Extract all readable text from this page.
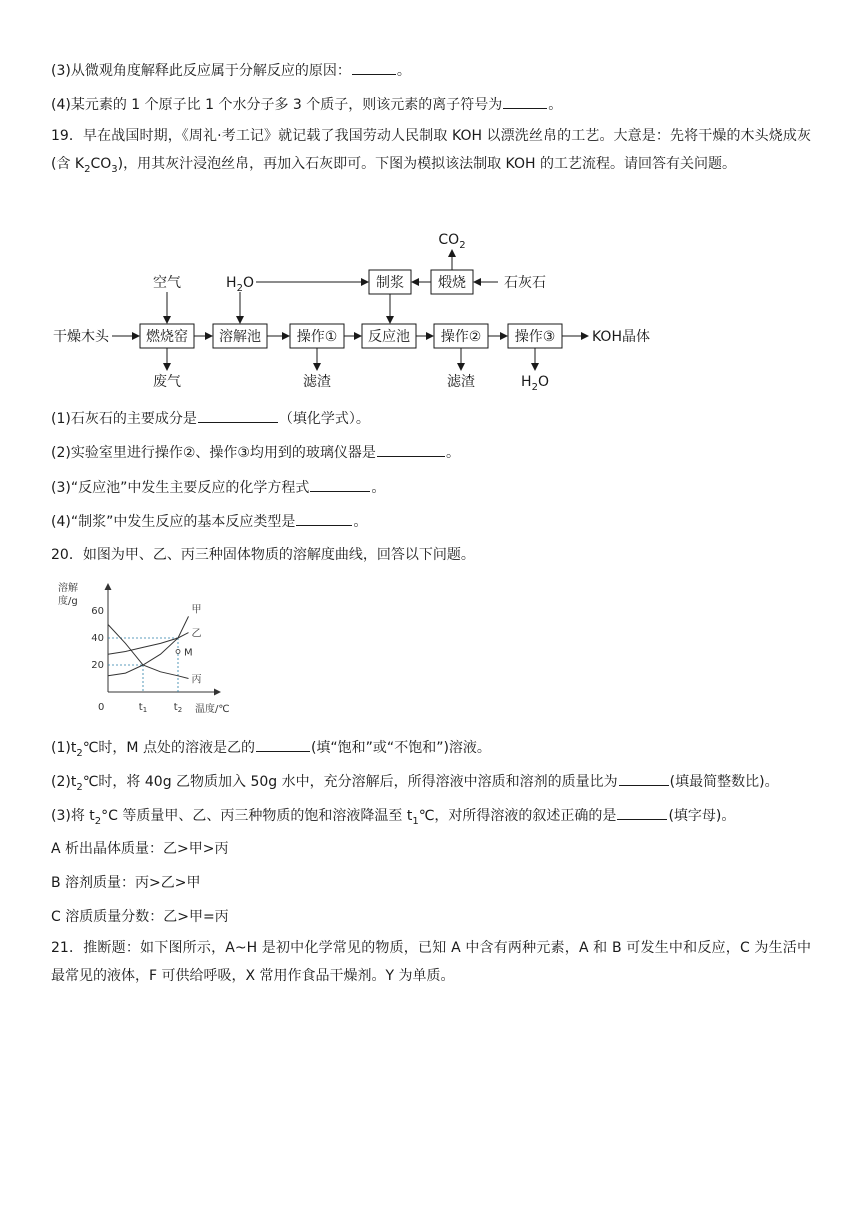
(3)从微观角度解释此反应属于分解反应的原因：	。
(4)某元素的 1 个原子比 1 个水分子多 3 个质子，则该元素的离子符号为	。
19．早在战国时期，《周礼·考工记》就记载了我国劳动人民制取 KOH 以漂洗丝帛的工艺。大意是：先将干燥的木头烧成灰(含 $K_2CO_3$)，用其灰汁浸泡丝帛，再加入石灰即可。下图为模拟该法制取 KOH 的工艺流程。请回答有关问题。
$CO_2$
空气	$H_2O$	制浆 煅烧	石灰石
干燥木头	燃烧窑 溶解池	操作① 反应池 操作② 操作③	KOH晶体
废气	滤渣	滤渣	$H_2O$
(1)石灰石的主要成分是	（填化学式）。
(2)实验室里进行操作②、操作③均用到的玻璃仪器是	。
(3)“反应池”中发生主要反应的化学方程式	。
(4)“制浆”中发生反应的基本反应类型是	。
20．如图为甲、乙、丙三种固体物质的溶解度曲线，回答以下问题。
溶解
度/g
温度/℃
0
20
40
60
$t_1$	$t_2$
甲
乙
丙
M
$(1)t_2℃$时，M 点处的溶液是乙的	(填“饱和”或“不饱和”)溶液。
$(2)t_2℃$时，将 40g 乙物质加入 50g 水中，充分溶解后，所得溶液中溶质和溶剂的质量比为	(填最简整数比)。
(3)将 $t_2^\circ C$ 等质量甲、乙、丙三种物质的饱和溶液降温至 $t_1℃$，对所得溶液的叙述正确的是	(填字母)。
A 析出晶体质量：乙>甲>丙
B 溶剂质量：丙>乙>甲
C 溶质质量分数：乙>甲=丙
21．推断题：如下图所示，A~H 是初中化学常见的物质，已知 A 中含有两种元素，A 和 B 可发生中和反应，C 为生活中最常见的液体，F 可供给呼吸，X 常用作食品干燥剂。Y 为单质。
